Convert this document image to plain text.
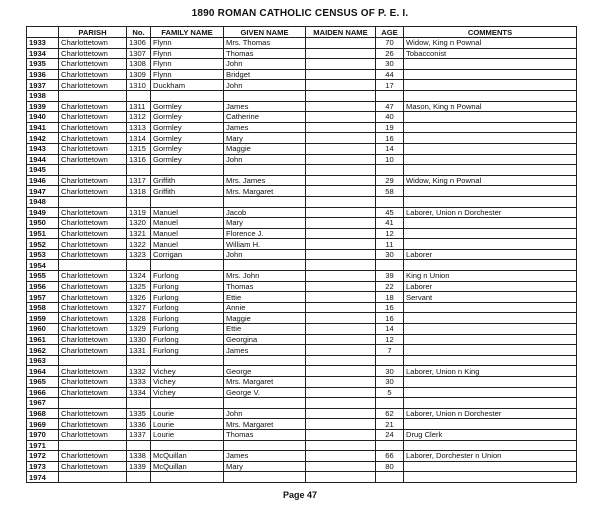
1890 ROMAN CATHOLIC CENSUS OF P. E. I.
	PARISH	No.	FAMILY NAME	GIVEN NAME	MAIDEN NAME	AGE	COMMENTS
1933	Charlottetown	1306	Flynn	Mrs. Thomas		70	Widow, King n Pownal
1934	Charlottetown	1307	Flynn	Thomas		26	Tobacconist
1935	Charlottetown	1308	Flynn	John		30	
1936	Charlottetown	1309	Flynn	Bridget		44	
1937	Charlottetown	1310	Duckham	John		17	
1938							
1939	Charlottetown	1311	Gormley	James		47	Mason, King n Pownal
1940	Charlottetown	1312	Gormley	Catherine		40	
1941	Charlottetown	1313	Gormley	James		19	
1942	Charlottetown	1314	Gormley	Mary		16	
1943	Charlottetown	1315	Gormley	Maggie		14	
1944	Charlottetown	1316	Gormley	John		10	
1945							
1946	Charlottetown	1317	Griffith	Mrs. James		29	Widow, King n Pownal
1947	Charlottetown	1318	Griffith	Mrs. Margaret		58	
1948							
1949	Charlottetown	1319	Manuel	Jacob		45	Laborer, Union n Dorchester
1950	Charlottetown	1320	Manuel	Mary		41	
1951	Charlottetown	1321	Manuel	Florence J.		12	
1952	Charlottetown	1322	Manuel	William H.		11	
1953	Charlottetown	1323	Corrigan	John		30	Laborer
1954							
1955	Charlottetown	1324	Furlong	Mrs. John		39	King n Union
1956	Charlottetown	1325	Furlong	Thomas		22	Laborer
1957	Charlottetown	1326	Furlong	Ettie		18	Servant
1958	Charlottetown	1327	Furlong	Annie		16	
1959	Charlottetown	1328	Furlong	Maggie		16	
1960	Charlottetown	1329	Furlong	Ettie		14	
1961	Charlottetown	1330	Furlong	Georgina		12	
1962	Charlottetown	1331	Furlong	James		7	
1963							
1964	Charlottetown	1332	Vichey	George		30	Laborer, Union n King
1965	Charlottetown	1333	Vichey	Mrs. Margaret		30	
1966	Charlottetown	1334	Vichey	George V.		5	
1967							
1968	Charlottetown	1335	Lourie	John		62	Laborer, Union n Dorchester
1969	Charlottetown	1336	Lourie	Mrs. Margaret		21	
1970	Charlottetown	1337	Lourie	Thomas		24	Drug Clerk
1971							
1972	Charlottetown	1338	McQuillan	James		66	Laborer, Dorchester n Union
1973	Charlottetown	1339	McQuillan	Mary		80	
1974							
Page 47
